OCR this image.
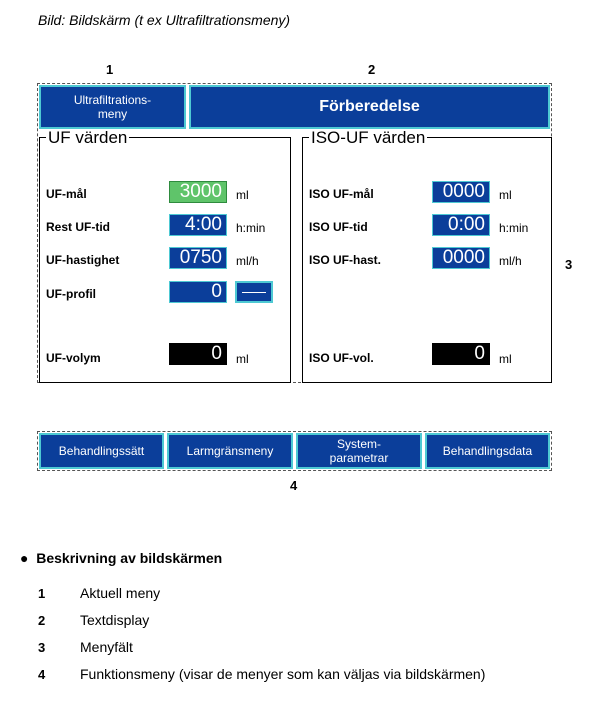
Bild: Bildskärm (t ex Ultrafiltrationsmeny)
1	2
3
4
Ultrafiltrations-
meny	Förberedelse
UF värden
UF-mål	3000	ml
Rest UF-tid	4:00	h:min
UF-hastighet	0750	ml/h
UF-profil	0
UF-volym	0	ml
ISO-UF värden
ISO UF-mål	0000	ml
ISO UF-tid	0:00	h:min
ISO UF-hast.	0000	ml/h
ISO UF-vol.	0	ml
Behandlingssätt	Larmgränsmeny	System-
parametrar	Behandlingsdata
● Beskrivning av bildskärmen
1 Aktuell meny
2 Textdisplay
3 Menyfält
4 Funktionsmeny (visar de menyer som kan väljas via bildskärmen)
